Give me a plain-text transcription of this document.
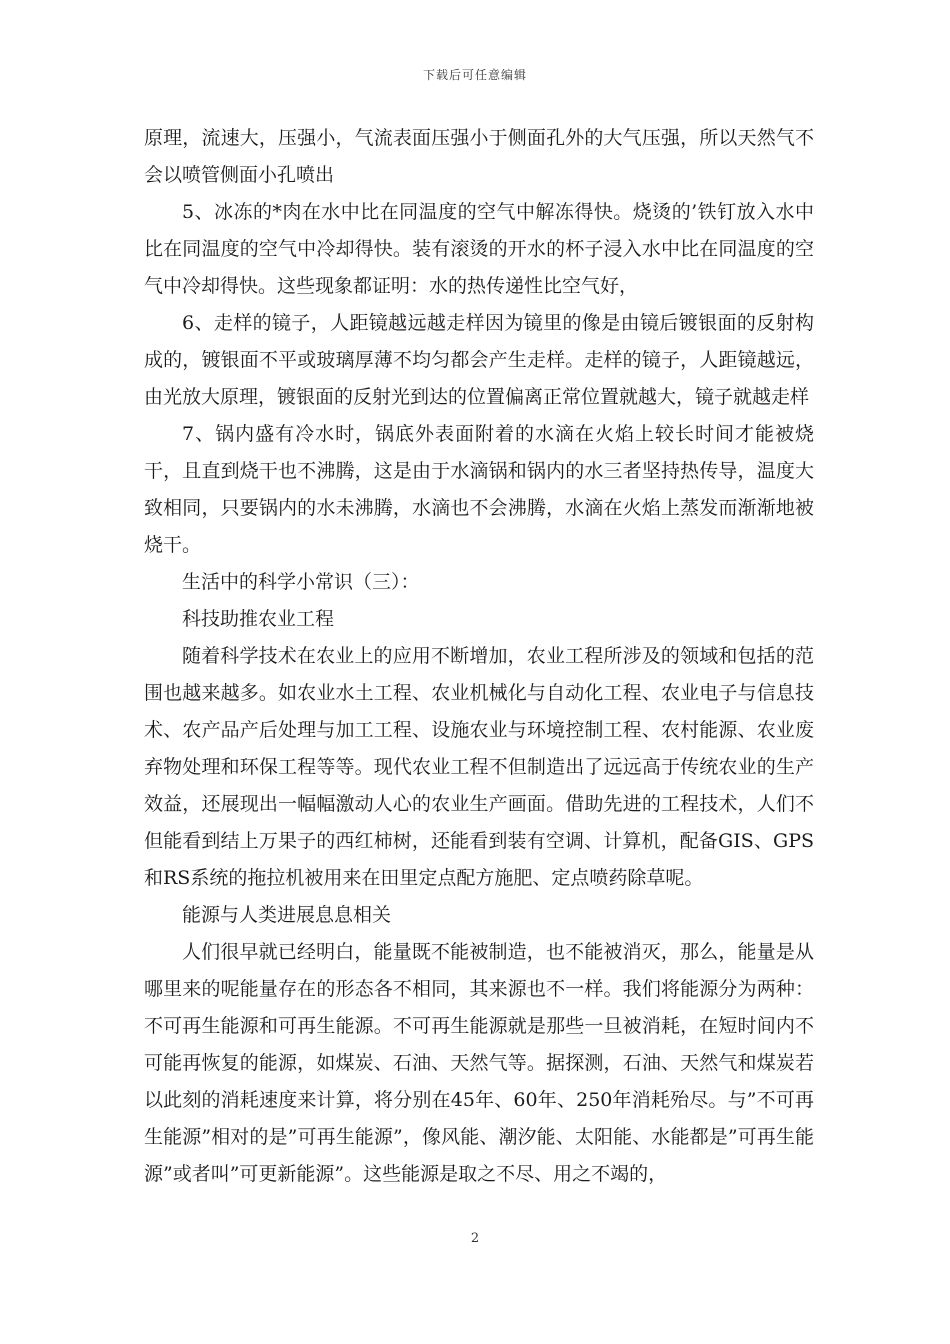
下载后可任意编辑

原理，流速大，压强小，气流表面压强小于侧面孔外的大气压强，所以天然气不会以喷管侧面小孔喷出

5、冰冻的*肉在水中比在同温度的空气中解冻得快。烧烫的’铁钉放入水中比在同温度的空气中冷却得快。装有滚烫的开水的杯子浸入水中比在同温度的空气中冷却得快。这些现象都证明：水的热传递性比空气好，

6、走样的镜子，人距镜越远越走样因为镜里的像是由镜后镀银面的反射构成的，镀银面不平或玻璃厚薄不均匀都会产生走样。走样的镜子，人距镜越远，由光放大原理，镀银面的反射光到达的位置偏离正常位置就越大，镜子就越走样

7、锅内盛有冷水时，锅底外表面附着的水滴在火焰上较长时间才能被烧干，且直到烧干也不沸腾，这是由于水滴锅和锅内的水三者坚持热传导，温度大致相同，只要锅内的水未沸腾，水滴也不会沸腾，水滴在火焰上蒸发而渐渐地被烧干。

生活中的科学小常识（三）：

科技助推农业工程

随着科学技术在农业上的应用不断增加，农业工程所涉及的领域和包括的范围也越来越多。如农业水土工程、农业机械化与自动化工程、农业电子与信息技术、农产品产后处理与加工工程、设施农业与环境控制工程、农村能源、农业废弃物处理和环保工程等等。现代农业工程不但制造出了远远高于传统农业的生产效益，还展现出一幅幅激动人心的农业生产画面。借助先进的工程技术，人们不但能看到结上万果子的西红柿树，还能看到装有空调、计算机，配备GIS、GPS和RS系统的拖拉机被用来在田里定点配方施肥、定点喷药除草呢。

能源与人类进展息息相关

人们很早就已经明白，能量既不能被制造，也不能被消灭，那么，能量是从哪里来的呢能量存在的形态各不相同，其来源也不一样。我们将能源分为两种：不可再生能源和可再生能源。不可再生能源就是那些一旦被消耗，在短时间内不可能再恢复的能源，如煤炭、石油、天然气等。据探测，石油、天然气和煤炭若以此刻的消耗速度来计算，将分别在45年、60年、250年消耗殆尽。与”不可再生能源”相对的是”可再生能源”，像风能、潮汐能、太阳能、水能都是”可再生能源”或者叫”可更新能源”。这些能源是取之不尽、用之不竭的，

2
